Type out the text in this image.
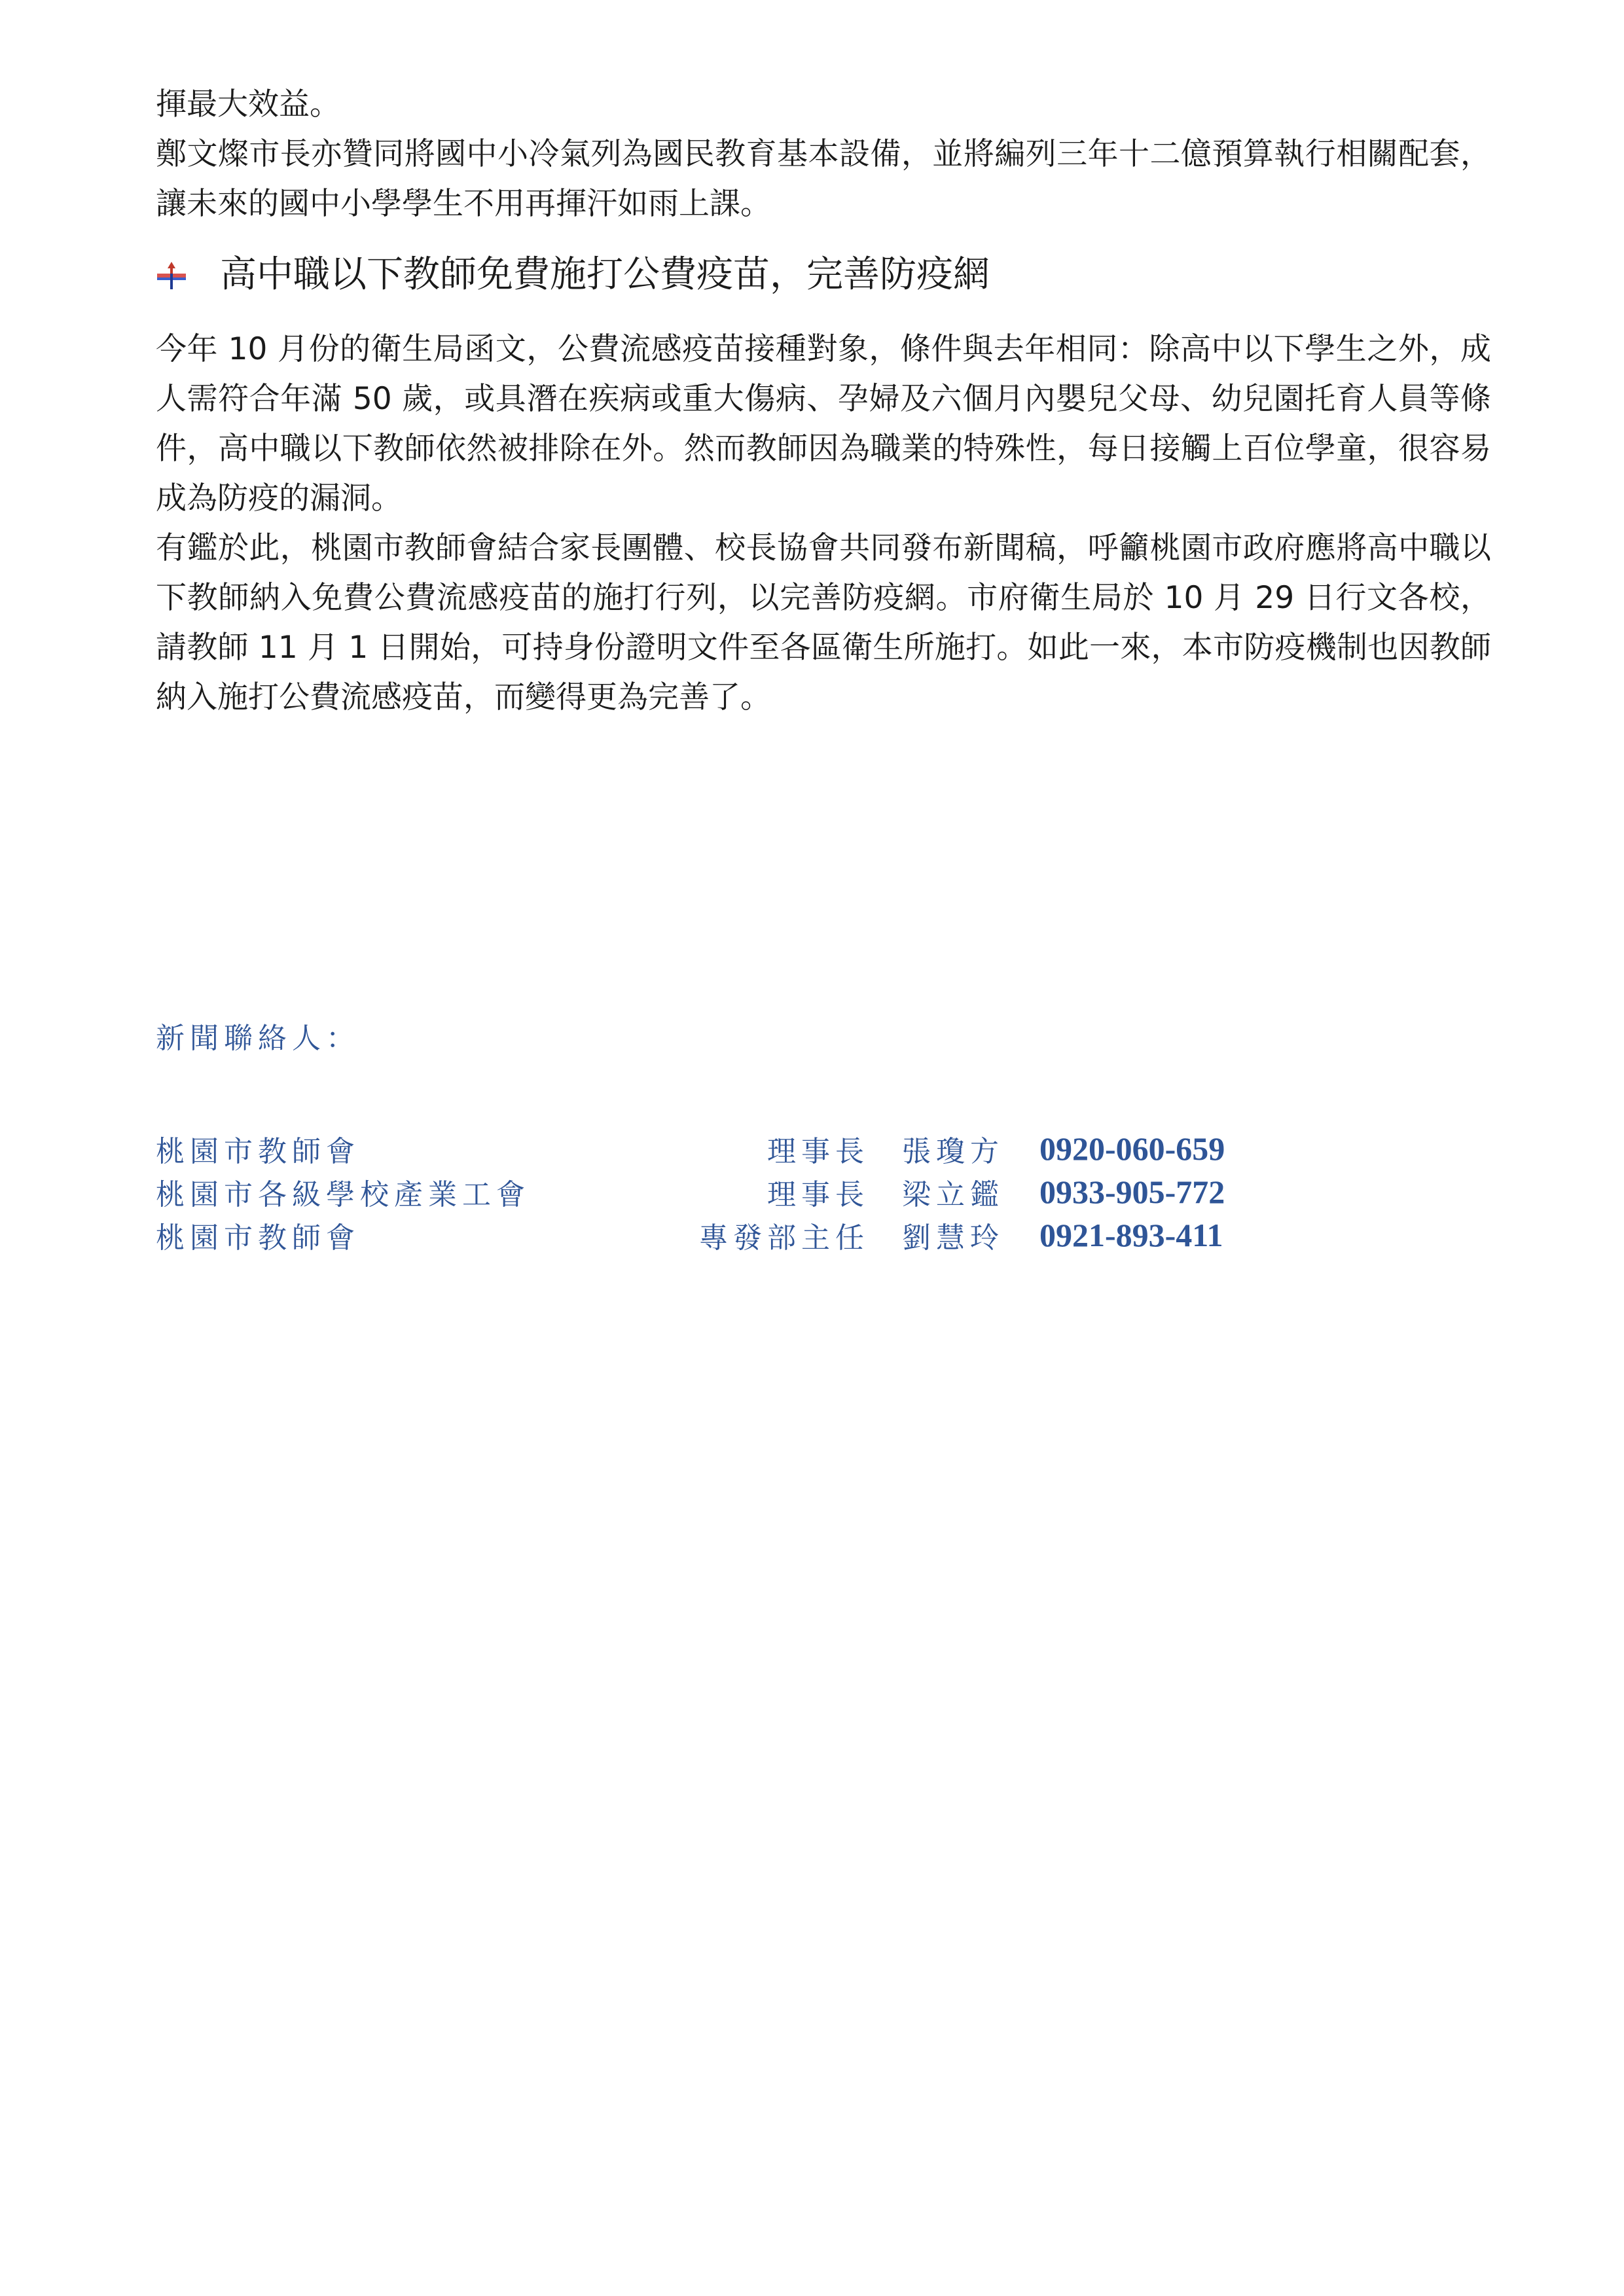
揮最大效益。

鄭文燦市長亦贊同將國中小冷氣列為國民教育基本設備，並將編列三年十二億預算執行相關配套，讓未來的國中小學學生不用再揮汗如雨上課。

高中職以下教師免費施打公費疫苗，完善防疫網

今年 10 月份的衛生局函文，公費流感疫苗接種對象，條件與去年相同：除高中以下學生之外，成人需符合年滿 50 歲，或具潛在疾病或重大傷病、孕婦及六個月內嬰兒父母、幼兒園托育人員等條件，高中職以下教師依然被排除在外。然而教師因為職業的特殊性，每日接觸上百位學童，很容易成為防疫的漏洞。

有鑑於此，桃園市教師會結合家長團體、校長協會共同發布新聞稿，呼籲桃園市政府應將高中職以下教師納入免費公費流感疫苗的施打行列，以完善防疫網。市府衛生局於 10 月 29 日行文各校，請教師 11 月 1 日開始，可持身份證明文件至各區衛生所施打。如此一來，本市防疫機制也因教師納入施打公費流感疫苗，而變得更為完善了。

新聞聯絡人：

桃園市教師會	理事長	張瓊方	0920-060-659
桃園市各級學校產業工會	理事長	梁立鑑	0933-905-772
桃園市教師會	專發部主任	劉慧玲	0921-893-411
